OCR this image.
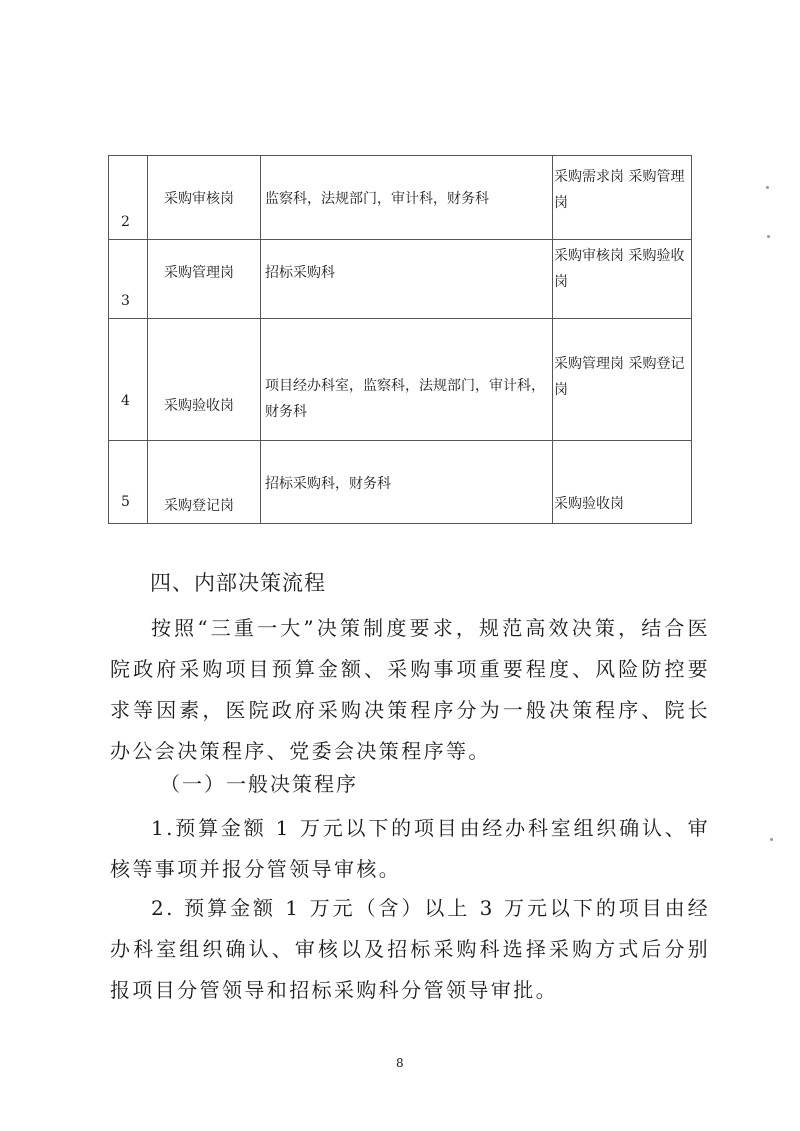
2	采购审核岗	监察科，法规部门，审计科，财务科	采购需求岗 采购管理岗

3	采购管理岗	招标采购科	采购审核岗 采购验收岗

4	采购验收岗	项目经办科室，监察科，法规部门，审计科，财务科	采购管理岗 采购登记岗

5	采购登记岗	招标采购科，财务科	采购验收岗
四、内部决策流程
按照“三重一大”决策制度要求，规范高效决策，结合医院政府采购项目预算金额、采购事项重要程度、风险防控要求等因素，医院政府采购决策程序分为一般决策程序、院长办公会决策程序、党委会决策程序等。
（一）一般决策程序
1.预算金额 1 万元以下的项目由经办科室组织确认、审核等事项并报分管领导审核。
2. 预算金额 1 万元（含）以上 3 万元以下的项目由经办科室组织确认、审核以及招标采购科选择采购方式后分别报项目分管领导和招标采购科分管领导审批。
8
